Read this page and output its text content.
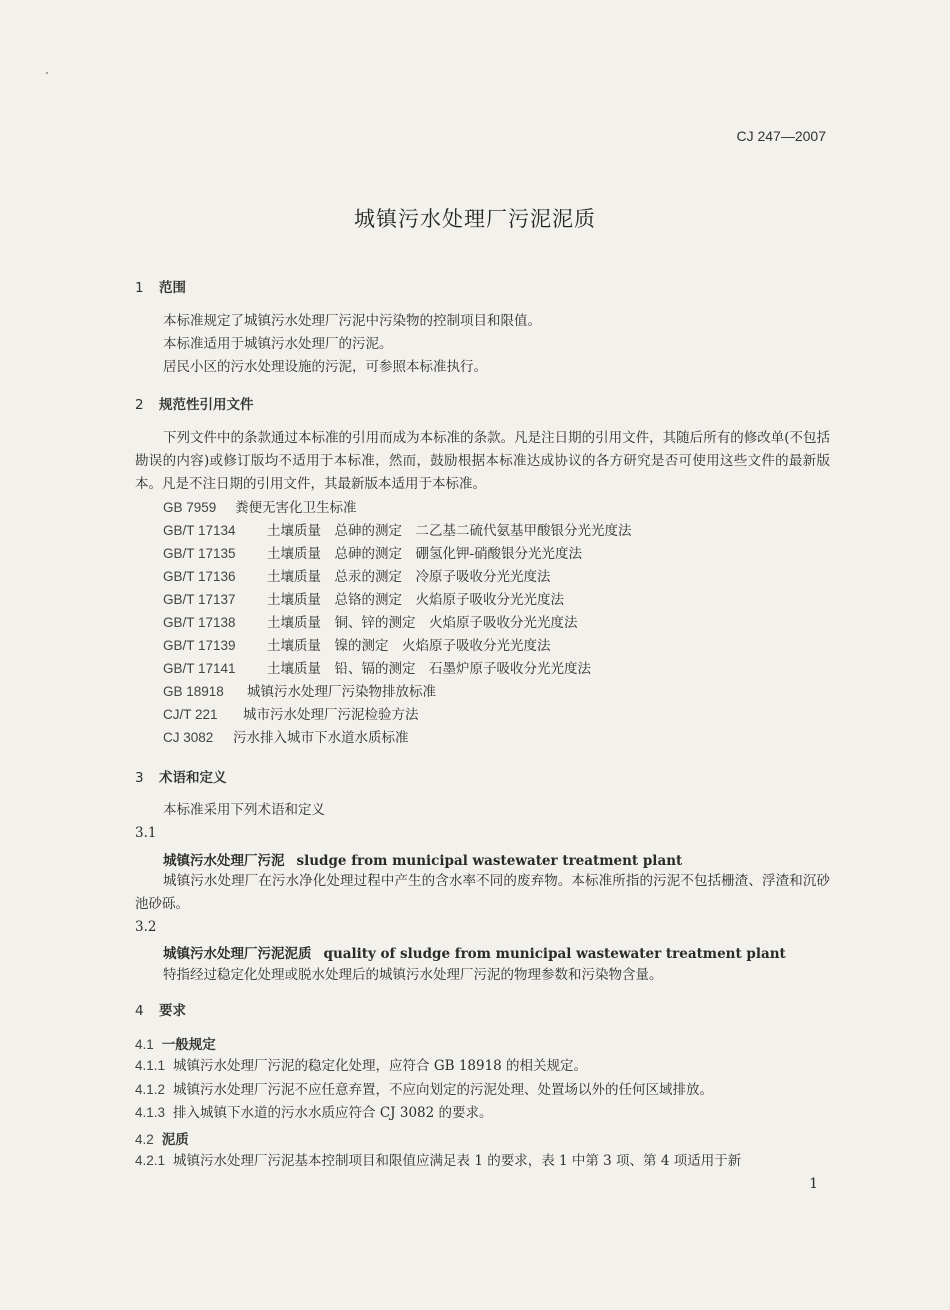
CJ 247—2007
城镇污水处理厂污泥泥质
1 范围
本标准规定了城镇污水处理厂污泥中污染物的控制项目和限值。
本标准适用于城镇污水处理厂的污泥。
居民小区的污水处理设施的污泥，可参照本标准执行。
2 规范性引用文件
下列文件中的条款通过本标准的引用而成为本标准的条款。凡是注日期的引用文件，其随后所有的修改单(不包括勘误的内容)或修订版均不适用于本标准，然而，鼓励根据本标准达成协议的各方研究是否可使用这些文件的最新版本。凡是不注日期的引用文件，其最新版本适用于本标准。
GB 7959 粪便无害化卫生标准
GB/T 17134 土壤质量　总砷的测定　二乙基二硫代氨基甲酸银分光光度法
GB/T 17135 土壤质量　总砷的测定　硼氢化钾-硝酸银分光光度法
GB/T 17136 土壤质量　总汞的测定　冷原子吸收分光光度法
GB/T 17137 土壤质量　总铬的测定　火焰原子吸收分光光度法
GB/T 17138 土壤质量　铜、锌的测定　火焰原子吸收分光光度法
GB/T 17139 土壤质量　镍的测定　火焰原子吸收分光光度法
GB/T 17141 土壤质量　铅、镉的测定　石墨炉原子吸收分光光度法
GB 18918 城镇污水处理厂污染物排放标准
CJ/T 221 城市污水处理厂污泥检验方法
CJ 3082 污水排入城市下水道水质标准
3 术语和定义
本标准采用下列术语和定义
3.1
城镇污水处理厂污泥 sludge from municipal wastewater treatment plant
城镇污水处理厂在污水净化处理过程中产生的含水率不同的废弃物。本标准所指的污泥不包括栅渣、浮渣和沉砂池砂砾。
3.2
城镇污水处理厂污泥泥质 quality of sludge from municipal wastewater treatment plant
特指经过稳定化处理或脱水处理后的城镇污水处理厂污泥的物理参数和污染物含量。
4 要求
4.1 一般规定
4.1.1 城镇污水处理厂污泥的稳定化处理，应符合 GB 18918 的相关规定。
4.1.2 城镇污水处理厂污泥不应任意弃置，不应向划定的污泥处理、处置场以外的任何区域排放。
4.1.3 排入城镇下水道的污水水质应符合 CJ 3082 的要求。
4.2 泥质
4.2.1 城镇污水处理厂污泥基本控制项目和限值应满足表 1 的要求，表 1 中第 3 项、第 4 项适用于新
1
